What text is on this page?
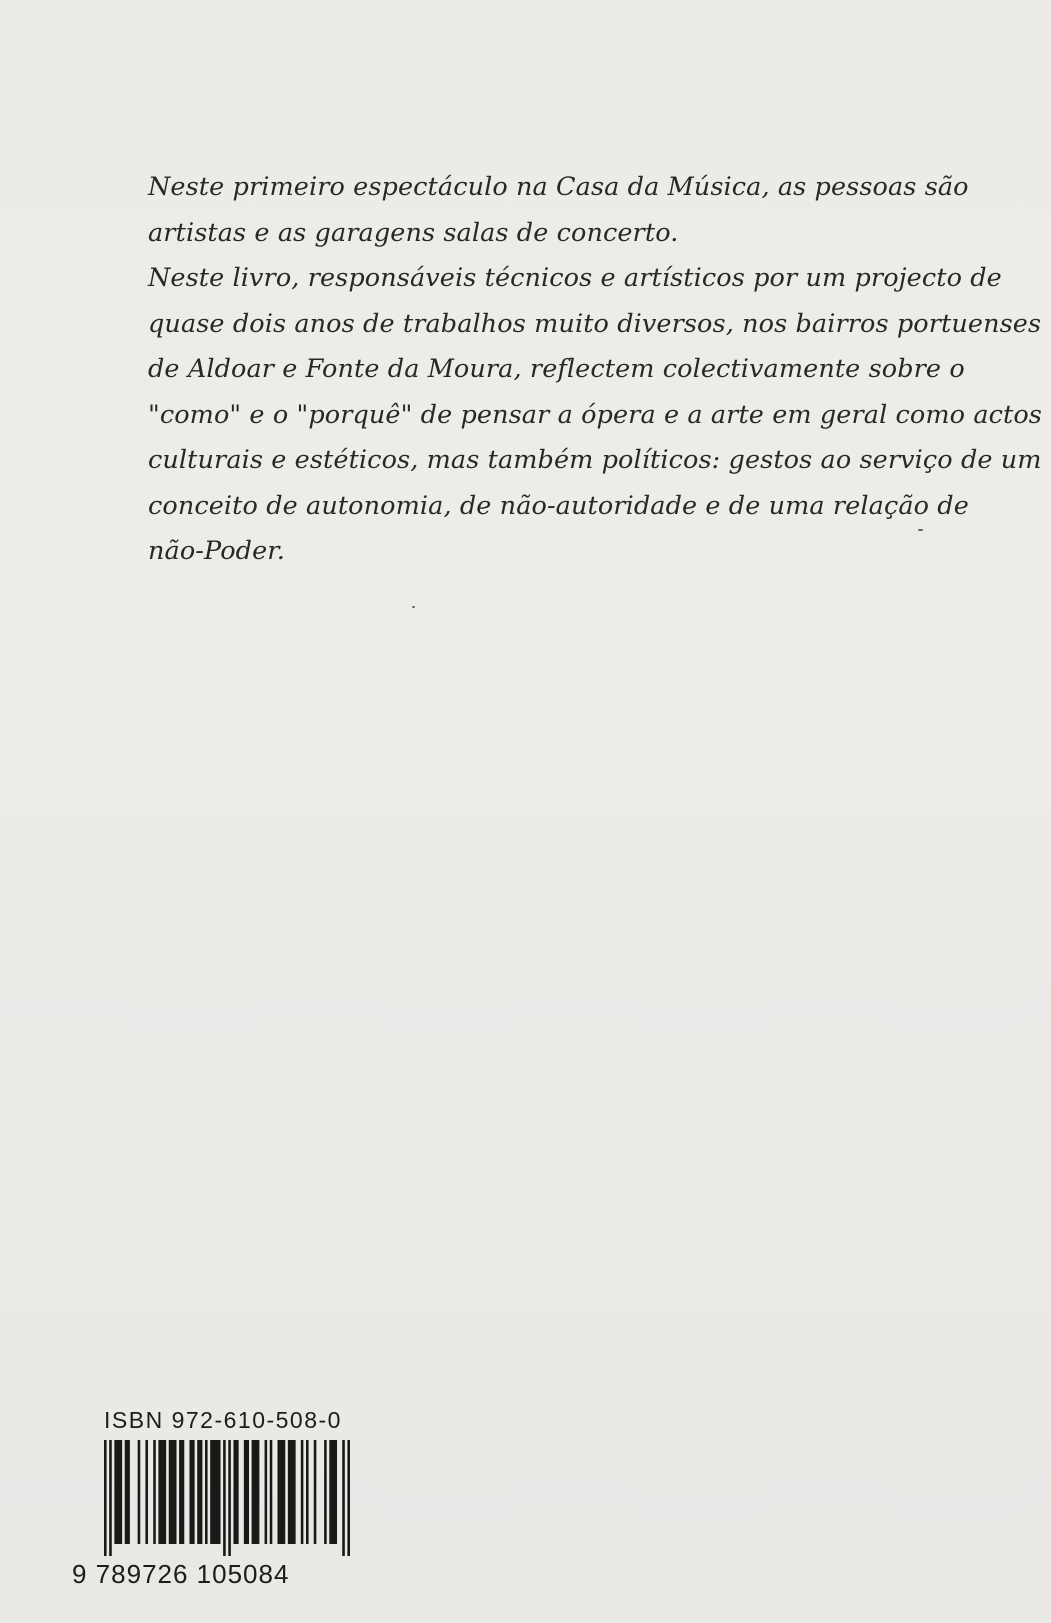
Neste primeiro espectáculo na Casa da Música, as pessoas são
artistas e as garagens salas de concerto.
Neste livro, responsáveis técnicos e artísticos por um projecto de
quase dois anos de trabalhos muito diversos, nos bairros portuenses
de Aldoar e Fonte da Moura, reflectem colectivamente sobre o
"como" e o "porquê" de pensar a ópera e a arte em geral como actos
culturais e estéticos, mas também políticos: gestos ao serviço de um
conceito de autonomia, de não-autoridade e de uma relação de
não-Poder.
ISBN 972-610-508-0
9 789726 105084
